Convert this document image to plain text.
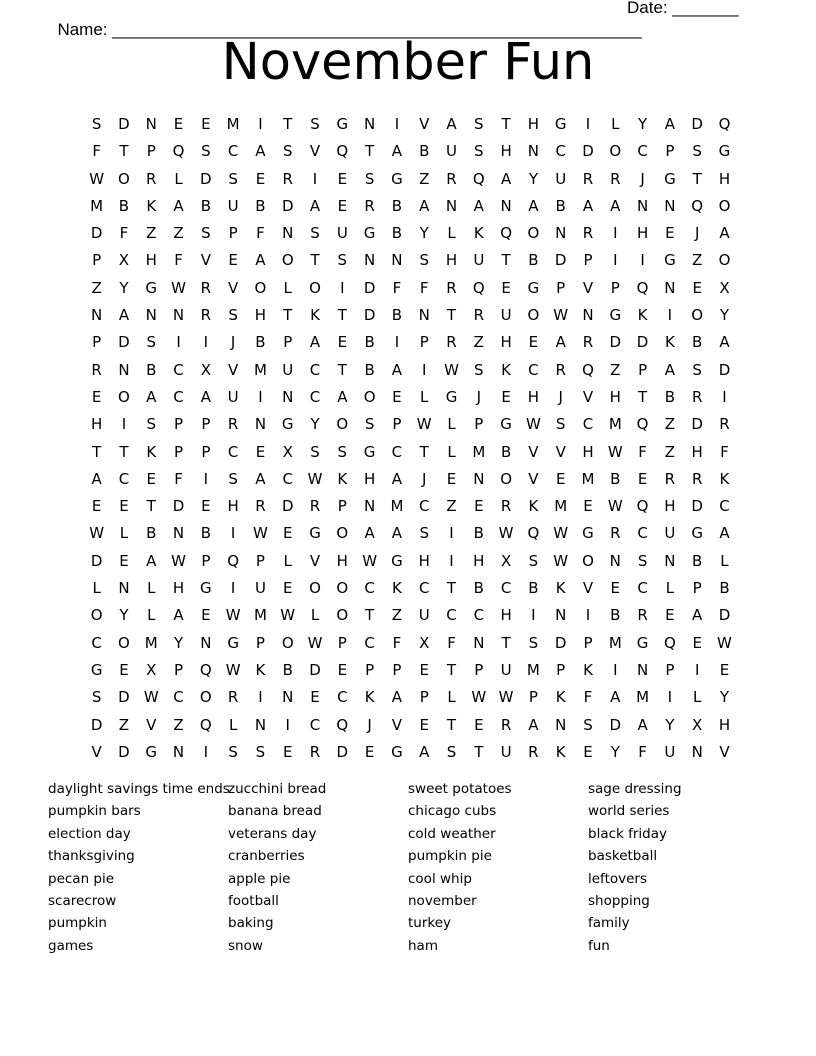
Name: ________________________________________________________

Date: _______

November Fun
S	D	N	E	E	M	I	T	S	G	N	I	V	A	S	T	H	G	I	L	Y	A	D	Q
F	T	P	Q	S	C	A	S	V	Q	T	A	B	U	S	H	N	C	D	O	C	P	S	G
W O	R	L	D	S	E	R	I	E	S	G	Z	R	Q	A	Y	U	R	R	J	G	T	H
M	B	K	A	B	U	B	D	A	E	R	B	A	N	A	N	A	B	A	A	N	N	Q	O
D	F	Z	Z	S	P	F	N	S	U	G	B	Y	L	K	Q	O	N	R	I	H	E	J	A
P	X	H	F	V	E	A	O	T	S	N	N	S	H	U	T	B	D	P	I	I	G	Z	O
Z	Y	G W R	V	O	L	O	I	D	F	F	R	Q	E	G	P	V	P	Q	N	E	X
N	A	N	N	R	S	H	T	K	T	D	B	N	T	R	U	O W N	G	K	I	O	Y
P	D	S	I	I	J	B	P	A	E	B	I	P	R	Z	H	E	A	R	D	D	K	B	A
R	N	B	C	X	V	M	U	C	T	B	A	I	W	S	K	C	R	Q	Z	P	A	S	D
E	O	A	C	A	U	I	N	C	A	O	E	L	G	J	E	H	J	V	H	T	B	R	I
H	I	S	P	P	R	N	G	Y	O	S	P	W	L	P	G W	S	C	M Q	Z	D	R
T	T	K	P	P	C	E	X	S	S	G	C	T	L	M	B	V	V	H W	F	Z	H	F
A	C	E	F	I	S	A	C W K	H	A	J	E	N	O	V	E	M	B	E	R	R	K
E	E	T	D	E	H	R	D	R	P	N	M	C	Z	E	R	K	M	E	W Q	H	D	C
W	L	B	N	B	I	W	E	G	O	A	A	S	I	B W Q W G	R	C	U	G	A
D	E	A W	P	Q	P	L	V	H W G	H	I	H	X	S	W O	N	S	N	B	L
L	N	L	H	G	I	U	E	O	O	C	K	C	T	B	C	B	K	V	E	C	L	P	B
O	Y	L	A	E	W M W	L	O	T	Z	U	C	C	H	I	N	I	B	R	E	A	D
C	O M	Y	N	G	P	O W	P	C	F	X	F	N	T	S	D	P	M	G	Q	E	W
G	E	X	P	Q W K	B	D	E	P	P	E	T	P	U	M	P	K	I	N	P	I	E
S	D W C	O	R	I	N	E	C	K	A	P	L	W W	P	K	F	A	M	I	L	Y
D	Z	V	Z	Q	L	N	I	C	Q	J	V	E	T	E	R	A	N	S	D	A	Y	X	H
V	D	G	N	I	S	S	E	R	D	E	G	A	S	T	U	R	K	E	Y	F	U	N	V
daylight savings time ends
pumpkin bars
election day
thanksgiving
pecan pie
scarecrow
pumpkin
games
zucchini bread
banana bread
veterans day
cranberries
apple pie
football
baking
snow
sweet potatoes
chicago cubs
cold weather
pumpkin pie
cool whip
november
turkey
ham
sage dressing
world series
black friday
basketball
leftovers
shopping
family
fun
